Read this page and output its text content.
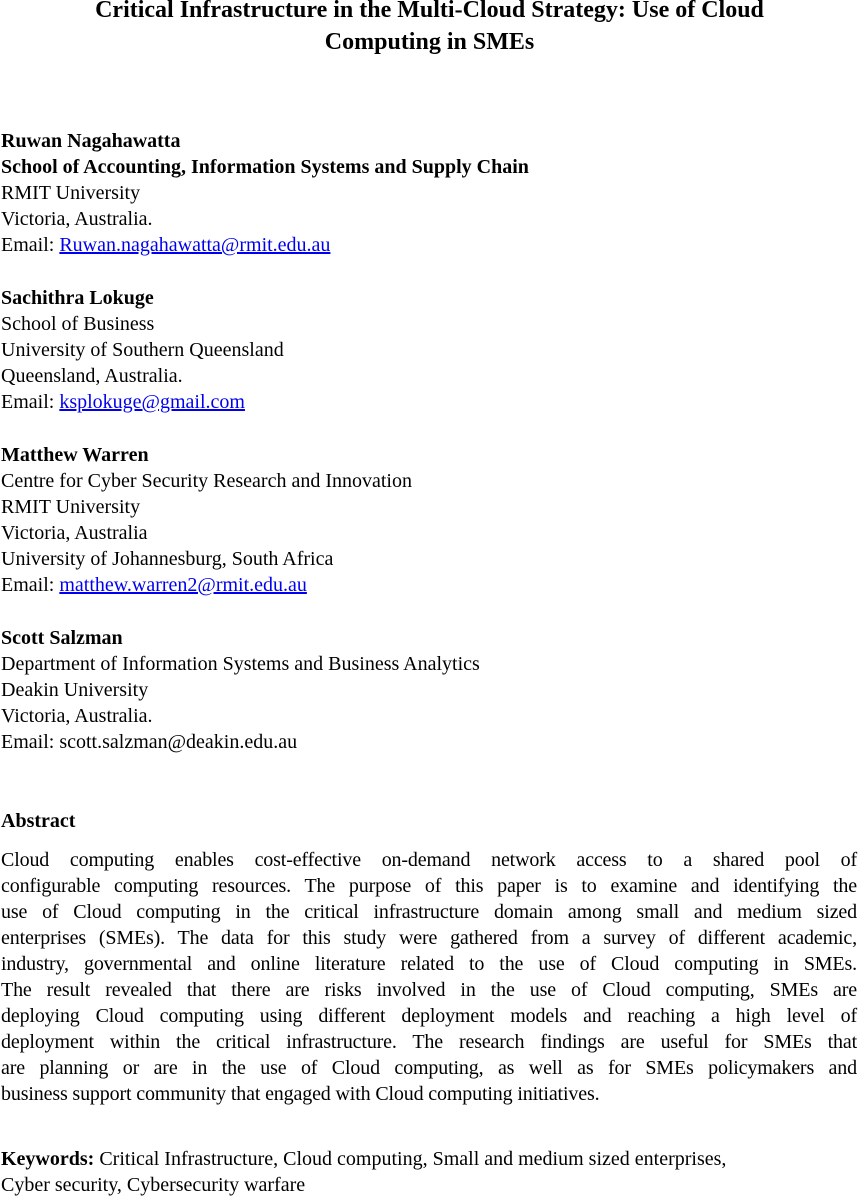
Critical Infrastructure in the Multi-Cloud Strategy: Use of Cloud
Computing in SMEs
Ruwan Nagahawatta
School of Accounting, Information Systems and Supply Chain
RMIT University
Victoria, Australia.
Email: Ruwan.nagahawatta@rmit.edu.au
Sachithra Lokuge
School of Business
University of Southern Queensland
Queensland, Australia.
Email: ksplokuge@gmail.com
Matthew Warren
Centre for Cyber Security Research and Innovation
RMIT University
Victoria, Australia
University of Johannesburg, South Africa
Email: matthew.warren2@rmit.edu.au
Scott Salzman
Department of Information Systems and Business Analytics
Deakin University
Victoria, Australia.
Email: scott.salzman@deakin.edu.au
Abstract
Cloud computing enables cost-effective on-demand network access to a shared pool of
configurable computing resources. The purpose of this paper is to examine and identifying the
use of Cloud computing in the critical infrastructure domain among small and medium sized
enterprises (SMEs). The data for this study were gathered from a survey of different academic,
industry, governmental and online literature related to the use of Cloud computing in SMEs.
The result revealed that there are risks involved in the use of Cloud computing, SMEs are
deploying Cloud computing using different deployment models and reaching a high level of
deployment within the critical infrastructure. The research findings are useful for SMEs that
are planning or are in the use of Cloud computing, as well as for SMEs policymakers and
business support community that engaged with Cloud computing initiatives.
Keywords: Critical Infrastructure, Cloud computing, Small and medium sized enterprises,
Cyber security, Cybersecurity warfare
